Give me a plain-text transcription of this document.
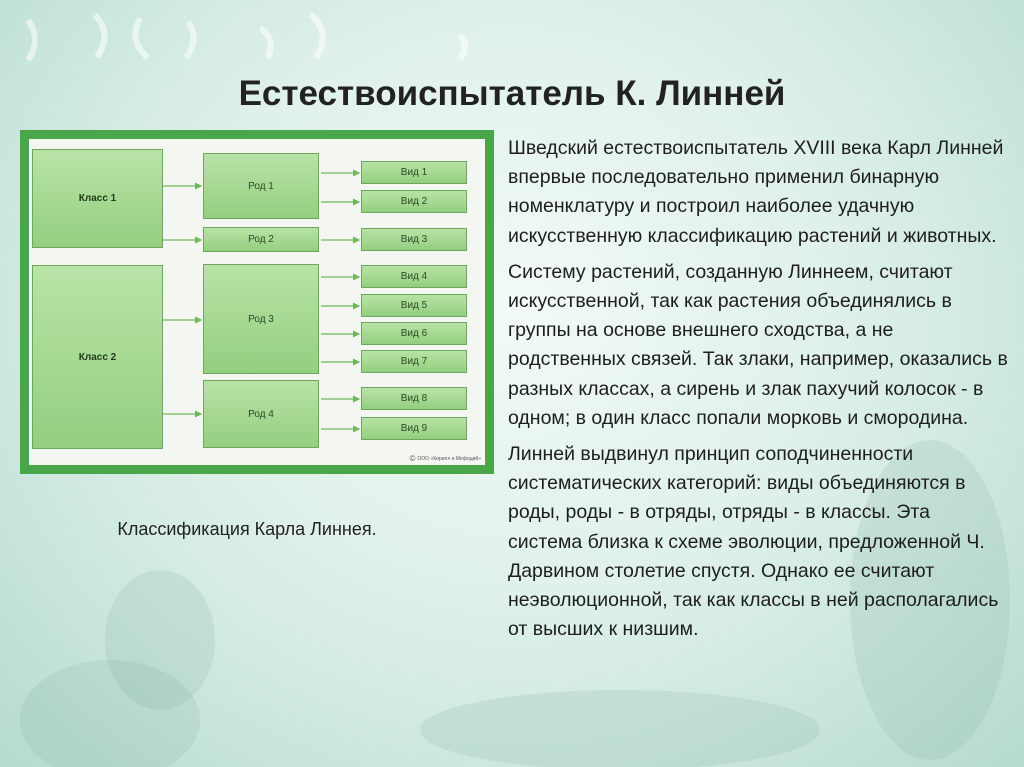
Естествоиспытатель К. Линней
Класс 1
Класс 2
Род 1
Род 2
Род 3
Род 4
Вид 1
Вид 2
Вид 3
Вид 4
Вид 5
Вид 6
Вид 7
Вид 8
Вид 9
© ООО «Кирилл и Мефодий»
Классификация Карла Линнея.

Шведский естествоиспытатель XVIII века Карл Линней впервые последовательно применил бинарную номенклатуру и построил наиболее удачную искусственную классификацию растений и животных.

Систему растений, созданную Линнеем, считают искусственной, так как растения объединялись в группы на основе внешнего сходства, а не родственных связей. Так злаки, например, оказались в разных классах, а сирень и злак пахучий колосок - в одном; в один класс попали морковь и смородина.

Линней выдвинул принцип соподчиненности систематических категорий: виды объединяются в роды, роды - в отряды, отряды - в классы. Эта система близка к схеме эволюции, предложенной Ч. Дарвином столетие спустя. Однако ее считают неэволюционной, так как классы в ней располагались от высших к низшим.
